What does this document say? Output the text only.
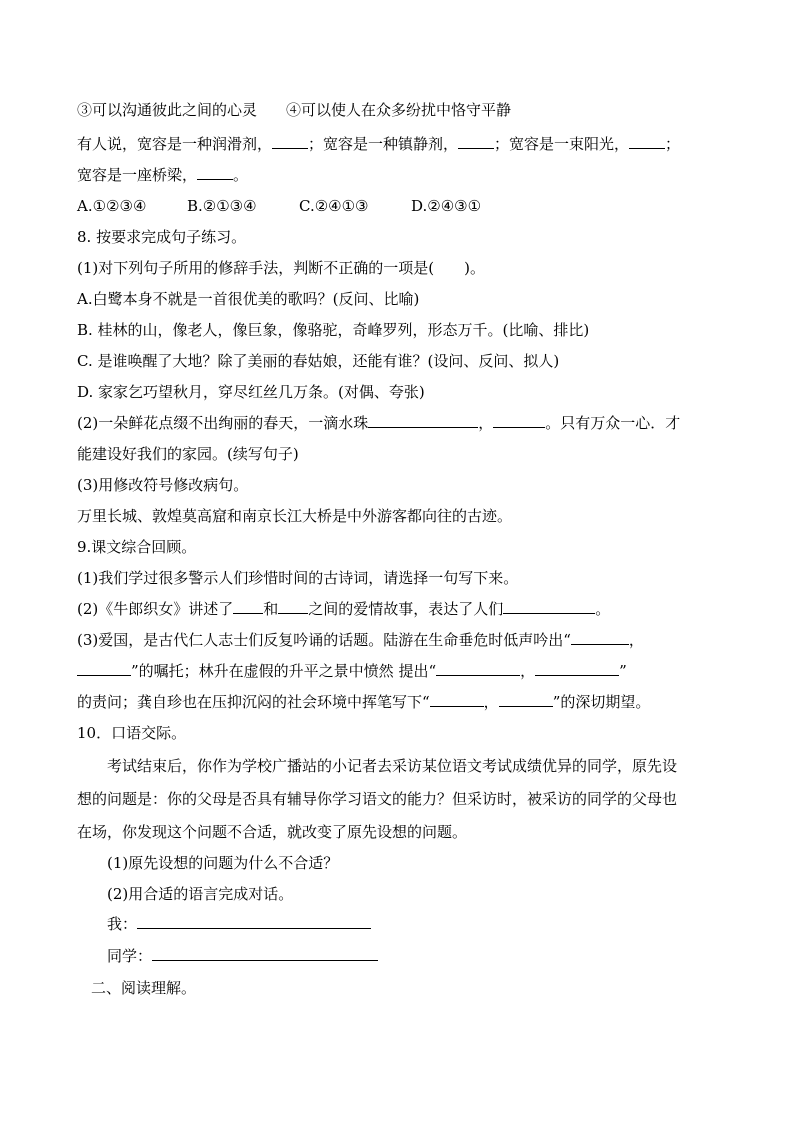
③可以沟通彼此之间的心灵 ④可以使人在众多纷扰中恪守平静
有人说，宽容是一种润滑剂， ；宽容是一种镇静剂， ；宽容是一束阳光， ；
宽容是一座桥梁， 。
A.①②③④	B.②①③④	C.②④①③	D.②④③①
8. 按要求完成句子练习。
(1)对下列句子所用的修辞手法，判断不正确的一项是( )。
A.白鹭本身不就是一首很优美的歌吗？(反问、比喻)
B. 桂林的山，像老人，像巨象，像骆驼，奇峰罗列，形态万千。(比喻、排比)
C. 是谁唤醒了大地？除了美丽的春姑娘，还能有谁？(设问、反问、拟人)
D. 家家乞巧望秋月，穿尽红丝几万条。(对偶、夸张)
(2)一朵鲜花点缀不出绚丽的春天，一滴水珠	，	。只有万众一心．才
能建设好我们的家园。(续写句子)
(3)用修改符号修改病句。
万里长城、敦煌莫高窟和南京长江大桥是中外游客都向往的古迹。
9.课文综合回顾。
(1)我们学过很多警示人们珍惜时间的古诗词，请选择一句写下来。
(2)《牛郎织女》讲述了 和 之间的爱情故事，表达了人们	。
(3)爱国，是古代仁人志士们反复吟诵的话题。陆游在生命垂危时低声吟出“	，
”的嘱托；林升在虚假的升平之景中愤然 提出“	，	”
的责问；龚自珍也在压抑沉闷的社会环境中挥笔写下“	，	”的深切期望。
10．口语交际。
考试结束后，你作为学校广播站的小记者去采访某位语文考试成绩优异的同学，原先设
想的问题是：你的父母是否具有辅导你学习语文的能力？但采访时，被采访的同学的父母也
在场，你发现这个问题不合适，就改变了原先设想的问题。
(1)原先设想的问题为什么不合适？
(2)用合适的语言完成对话。
我：
同学：
二、阅读理解。
